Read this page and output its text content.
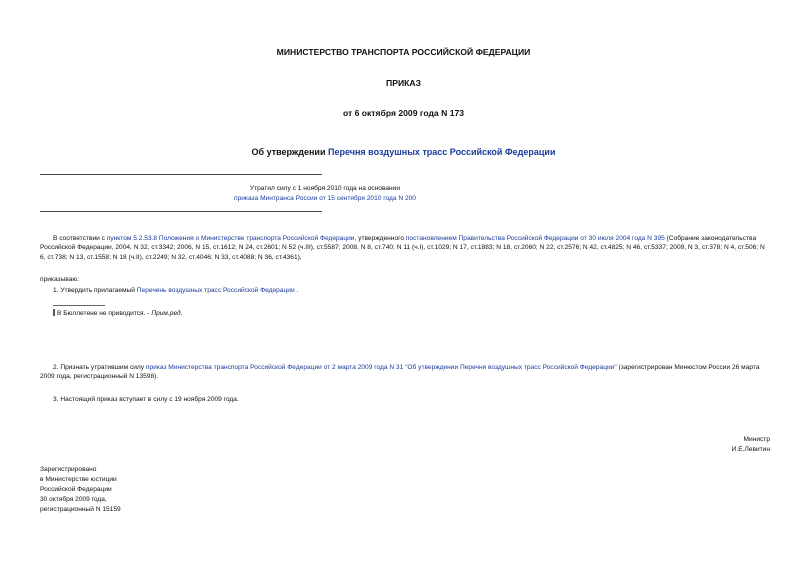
МИНИСТЕРСТВО ТРАНСПОРТА РОССИЙСКОЙ ФЕДЕРАЦИИ
ПРИКАЗ
от 6 октября 2009 года N 173
Об утверждении Перечня воздушных трасс Российской Федерации
Утратил силу с 1 ноября 2010 года на основании
приказа Минтранса России от 15 сентября 2010 года N 200
В соответствии с пунктом 5.2.53.8 Положения о Министерстве транспорта Российской Федерации, утвержденного постановлением Правительства Российской Федерации от 30 июля 2004 года N 395 (Собрание законодательства Российской Федерации, 2004, N 32, ст.3342; 2006, N 15, ст.1612; N 24, ст.2601; N 52 (ч.III), ст.5587; 2008, N 8, ст.740; N 11 (ч.I), ст.1029; N 17, ст.1883; N 18, ст.2060; N 22, ст.2576; N 42, ст.4825; N 46, ст.5337; 2009, N 3, ст.378; N 4, ст.506; N 6, ст.738; N 13, ст.1558; N 18 (ч.II), ст.2249; N 32, ст.4046; N 33, ст.4088; N 36, ст.4361),
приказываю:
1. Утвердить прилагаемый Перечень воздушных трасс Российской Федерации .
В Бюллетене не приводится. - Прим.ред.
2. Признать утратившим силу приказ Министерства транспорта Российской Федерации от 2 марта 2009 года N 31 "Об утверждении Перечня воздушных трасс Российской Федерации" (зарегистрирован Минюстом России 26 марта 2009 года, регистрационный N 13598).
3. Настоящий приказ вступает в силу с 19 ноября 2009 года.
Министр
И.Е.Левитин
Зарегистрировано
в Министерстве юстиции
Российской Федерации
30 октября 2009 года,
регистрационный N 15159
